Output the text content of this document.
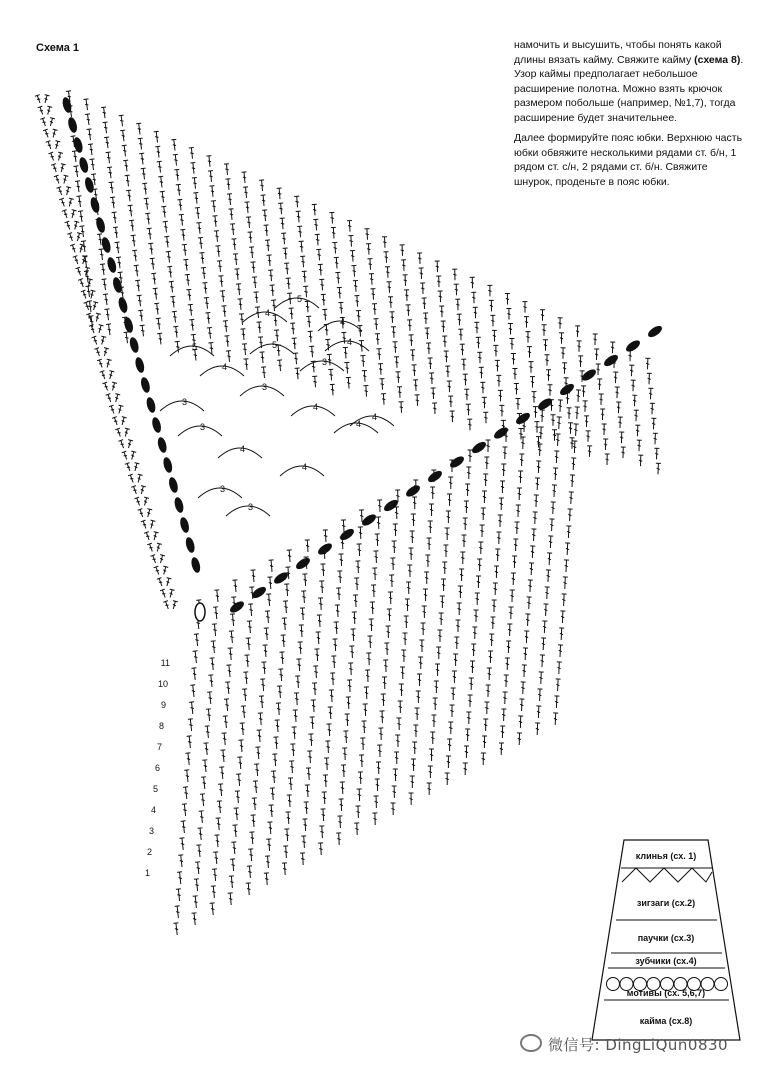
Схема 1	намочить и высушить, чтобы понять какой длины вязать кайму. Свяжите кайму (схема 8). Узор каймы предполагает небольшое расширение полотна. Можно взять крючок размером побольше (например, №1,7), тогда расширение будет значительнее.

Далее формируйте пояс юбки. Верхнюю часть юбки обвяжите несколькими рядами ст. б/н, 1 рядом ст. с/н, 2 рядами ст. б/н. Свяжите шнурок, проденьте в пояс юбки.

5
4
4
5
4
3
4
4
3
5
3
4
4
3
3
4
4
3
11
10
9
8
7
6
5
4
3
2
1
клинья (сх. 1)
зигзаги (сх.2)
паучки (сх.3)
зубчики (сх.4)
мотивы (сх. 5,6,7)
кайма (сх.8)
微信号: DingLiQun0830
